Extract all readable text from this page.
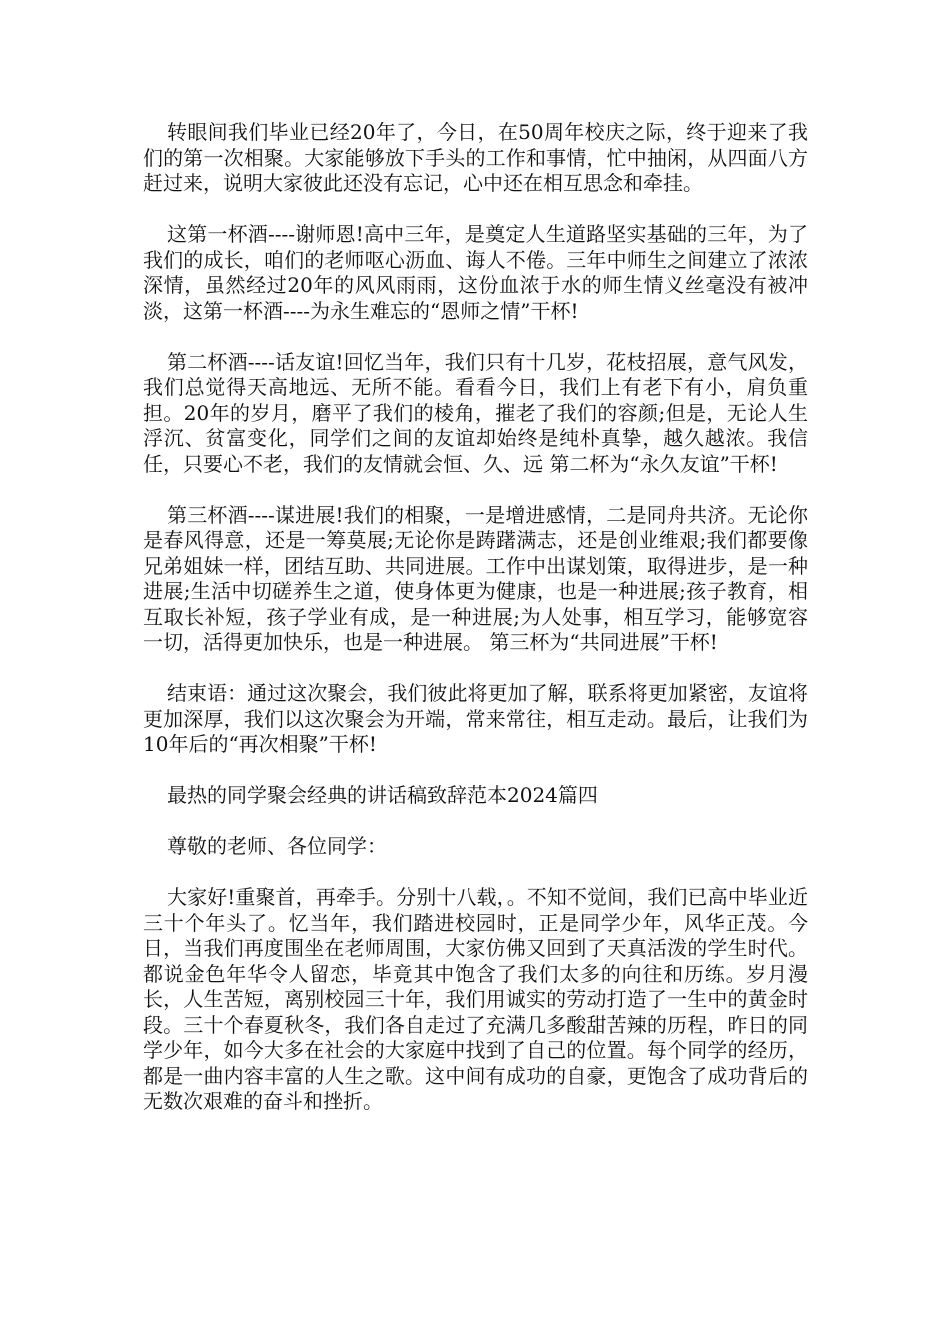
转眼间我们毕业已经20年了，今日，在50周年校庆之际，终于迎来了我们的第一次相聚。大家能够放下手头的工作和事情，忙中抽闲，从四面八方赶过来，说明大家彼此还没有忘记，心中还在相互思念和牵挂。

这第一杯酒----谢师恩!高中三年，是奠定人生道路坚实基础的三年，为了我们的成长，咱们的老师呕心沥血、诲人不倦。三年中师生之间建立了浓浓深情，虽然经过20年的风风雨雨，这份血浓于水的师生情义丝毫没有被冲淡，这第一杯酒----为永生难忘的“恩师之情”干杯!

第二杯酒----话友谊!回忆当年，我们只有十几岁，花枝招展，意气风发，我们总觉得天高地远、无所不能。看看今日，我们上有老下有小，肩负重担。20年的岁月，磨平了我们的棱角，摧老了我们的容颜;但是，无论人生浮沉、贫富变化，同学们之间的友谊却始终是纯朴真挚，越久越浓。我信任，只要心不老，我们的友情就会恒、久、远 第二杯为“永久友谊”干杯!

第三杯酒----谋进展!我们的相聚，一是增进感情，二是同舟共济。无论你是春风得意，还是一筹莫展;无论你是踌躇满志，还是创业维艰;我们都要像兄弟姐妹一样，团结互助、共同进展。工作中出谋划策，取得进步，是一种进展;生活中切磋养生之道，使身体更为健康，也是一种进展;孩子教育，相互取长补短，孩子学业有成，是一种进展;为人处事，相互学习，能够宽容一切，活得更加快乐，也是一种进展。 第三杯为“共同进展”干杯!

结束语：通过这次聚会，我们彼此将更加了解，联系将更加紧密，友谊将更加深厚，我们以这次聚会为开端，常来常往，相互走动。最后，让我们为10年后的“再次相聚”干杯!

最热的同学聚会经典的讲话稿致辞范本2024篇四

尊敬的老师、各位同学：

大家好!重聚首，再牵手。分别十八载，。不知不觉间，我们已高中毕业近三十个年头了。忆当年，我们踏进校园时，正是同学少年，风华正茂。今日，当我们再度围坐在老师周围，大家仿佛又回到了天真活泼的学生时代。都说金色年华令人留恋，毕竟其中饱含了我们太多的向往和历练。岁月漫长，人生苦短，离别校园三十年，我们用诚实的劳动打造了一生中的黄金时段。三十个春夏秋冬，我们各自走过了充满几多酸甜苦辣的历程，昨日的同学少年，如今大多在社会的大家庭中找到了自己的位置。每个同学的经历，都是一曲内容丰富的人生之歌。这中间有成功的自豪，更饱含了成功背后的无数次艰难的奋斗和挫折。
